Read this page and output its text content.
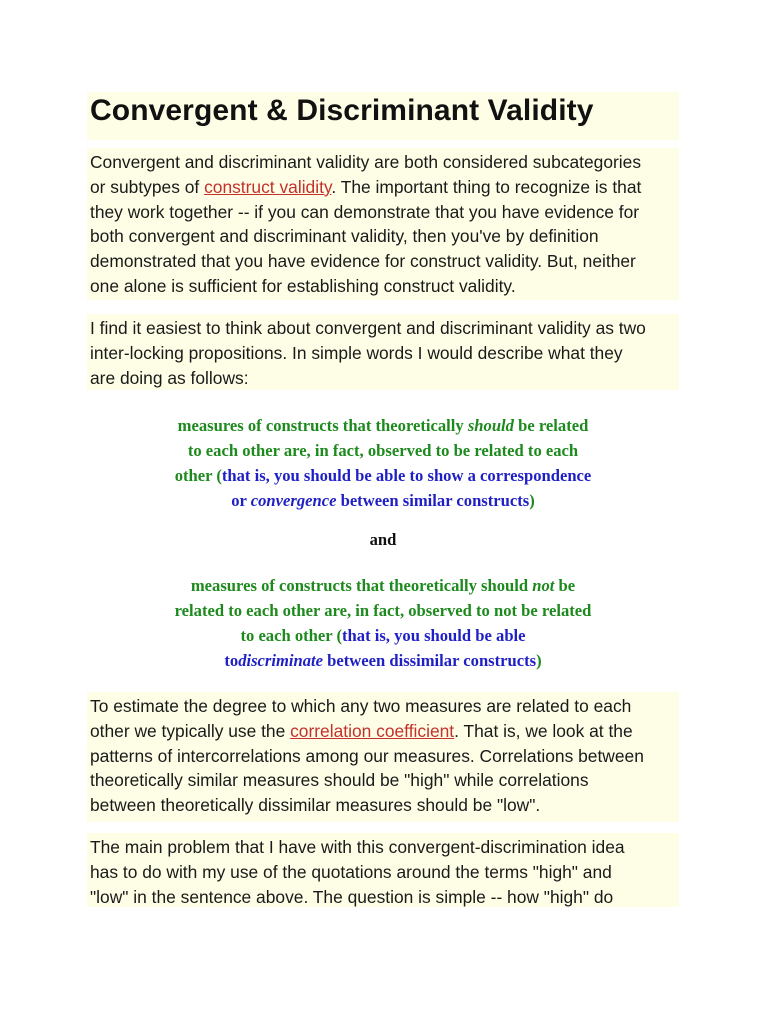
Convergent & Discriminant Validity
Convergent and discriminant validity are both considered subcategories
or subtypes of construct validity. The important thing to recognize is that
they work together -- if you can demonstrate that you have evidence for
both convergent and discriminant validity, then you've by definition
demonstrated that you have evidence for construct validity. But, neither
one alone is sufficient for establishing construct validity.
I find it easiest to think about convergent and discriminant validity as two
inter-locking propositions. In simple words I would describe what they
are doing as follows:
measures of constructs that theoretically should be related
to each other are, in fact, observed to be related to each
other (that is, you should be able to show a correspondence
or convergence between similar constructs)
and
measures of constructs that theoretically should not be
related to each other are, in fact, observed to not be related
to each other (that is, you should be able
todiscriminate between dissimilar constructs)
To estimate the degree to which any two measures are related to each
other we typically use the correlation coefficient. That is, we look at the
patterns of intercorrelations among our measures. Correlations between
theoretically similar measures should be "high" while correlations
between theoretically dissimilar measures should be "low".
The main problem that I have with this convergent-discrimination idea
has to do with my use of the quotations around the terms "high" and
"low" in the sentence above. The question is simple -- how "high" do
